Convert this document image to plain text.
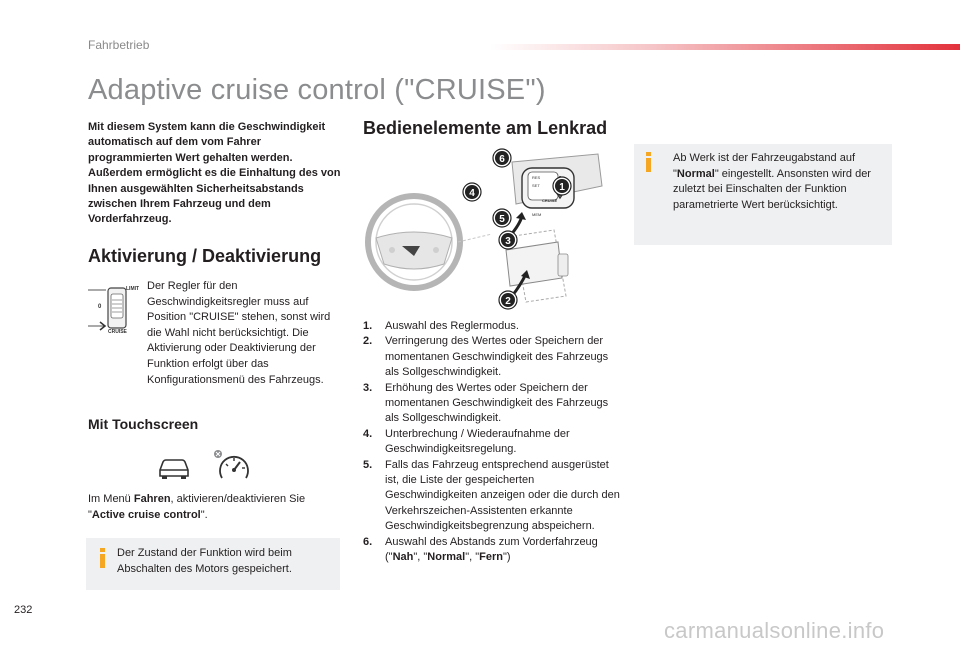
Fahrbetrieb
Adaptive cruise control ("CRUISE")

Mit diesem System kann die Geschwindigkeit automatisch auf dem vom Fahrer programmierten Wert gehalten werden.

Außerdem ermöglicht es die Einhaltung des von Ihnen ausgewählten Sicherheitsabstands zwischen Ihrem Fahrzeug und dem Vorderfahrzeug.

Aktivierung / Deaktivierung
LIMIT
0
CRUISE

Der Regler für den Geschwindigkeitsregler muss auf Position "CRUISE" stehen, sonst wird die Wahl nicht berücksichtigt. Die Aktivierung oder Deaktivierung der Funktion erfolgt über das Konfigurationsmenü des Fahrzeugs.

Mit Touchscreen

Im Menü Fahren, aktivieren/deaktivieren Sie "Active cruise control".

Der Zustand der Funktion wird beim Abschalten des Motors gespeichert.

Bedienelemente am Lenkrad
RES
SET
MEM
CRUISE
6
4
1
5
3
2

Ab Werk ist der Fahrzeugabstand auf "Normal" eingestellt. Ansonsten wird der zuletzt bei Einschalten der Funktion parametrierte Wert berücksichtigt.

1. Auswahl des Reglermodus.
2. Verringerung des Wertes oder Speichern der momentanen Geschwindigkeit des Fahrzeugs als Sollgeschwindigkeit.
3. Erhöhung des Wertes oder Speichern der momentanen Geschwindigkeit des Fahrzeugs als Sollgeschwindigkeit.
4. Unterbrechung / Wiederaufnahme der Geschwindigkeitsregelung.
5. Falls das Fahrzeug entsprechend ausgerüstet ist, die Liste der gespeicherten Geschwindigkeiten anzeigen oder die durch den Verkehrszeichen-Assistenten erkannte Geschwindigkeitsbegrenzung abspeichern.
6. Auswahl des Abstands zum Vorderfahrzeug ("Nah", "Normal", "Fern")
232
carmanualsonline.info
